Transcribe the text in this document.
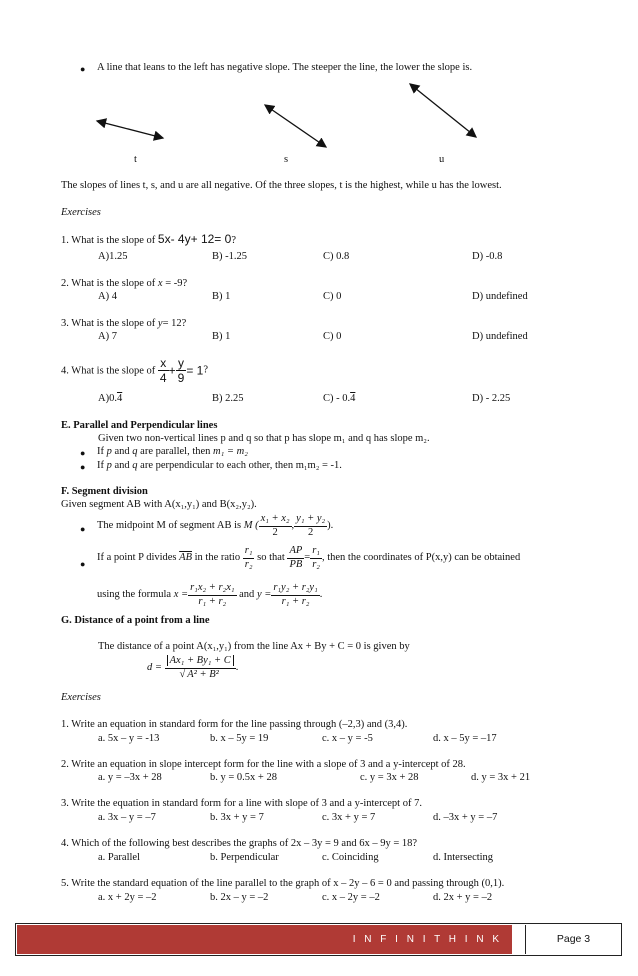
● A line that leans to the left has negative slope. The steeper the line, the lower the slope is.
t	s	u
The slopes of lines t, s, and u are all negative. Of the three slopes, t is the highest, while u has the lowest.
Exercises
1. What is the slope of 5x- 4y+ 12= 0?
A)1.25	B) -1.25	C) 0.8	D) -0.8
2. What is the slope of x = -9?
A) 4	B) 1	C) 0	D) undefined
3. What is the slope of y= 12?
A) 7	B) 1	C) 0	D) undefined
4. What is the slope of $\frac{x}{4} + \frac{y}{9} = 1$?
A)0.4	B) 2.25	C) - 0.4	D) - 2.25
E. Parallel and Perpendicular lines
Given two non-vertical lines p and q so that p has slope m₁ and q has slope m₂.
● If p and q are parallel, then m₁ = m₂
● If p and q are perpendicular to each other, then m₁m₂ = -1.
F. Segment division
Given segment AB with A(x₁,y₁) and B(x₂,y₂).
● The midpoint M of segment AB is M ( $\frac{\text{x₁ + x₂}}{2}$ , $\frac{\text{y₁ + y₂}}{2}$ ).
●
If a point P divides $\overline{AB}$ in the ratio $\frac{\text{r₁}}{\text{r₂}}$ so that $\frac{AP}{PB} = \frac{\text{r₁}}{\text{r₂}}$ , then the coordinates of P(x,y) can be obtained
using the formula $x = \frac{\text{r₁x₂ + r₂x₁}}{\text{r₁ + r₂}}$ and $y = \frac{\text{r₁y₂ + r₂y₁}}{\text{r₁ + r₂}}$ .
G. Distance of a point from a line
The distance of a point A(x₁,y₁) from the line Ax + By + C = 0 is given by
$d = \frac{\text{Ax₁ + By₁ + C}}{\text{√ A² + B²}}$ .
Exercises
1. Write an equation in standard form for the line passing through (–2,3) and (3,4).
a. 5x – y = -13	b. x – 5y = 19	c. x – y = -5	d. x – 5y = –17
2. Write an equation in slope intercept form for the line with a slope of 3 and a y-intercept of 28.
a. y = –3x + 28	b. y = 0.5x + 28	c. y = 3x + 28	d. y = 3x + 21
3. Write the equation in standard form for a line with slope of 3 and a y-intercept of 7.
a. 3x – y = –7	b. 3x + y = 7	c. 3x + y = 7	d. –3x + y = –7
4. Which of the following best describes the graphs of 2x – 3y = 9 and 6x – 9y = 18?
a. Parallel	b. Perpendicular	c. Coinciding	d. Intersecting
5. Write the standard equation of the line parallel to the graph of x – 2y – 6 = 0 and passing through (0,1).
a. x + 2y = –2	b. 2x – y = –2	c. x – 2y = –2	d. 2x + y = –2
I N F I N I T H I N K	Page 3
